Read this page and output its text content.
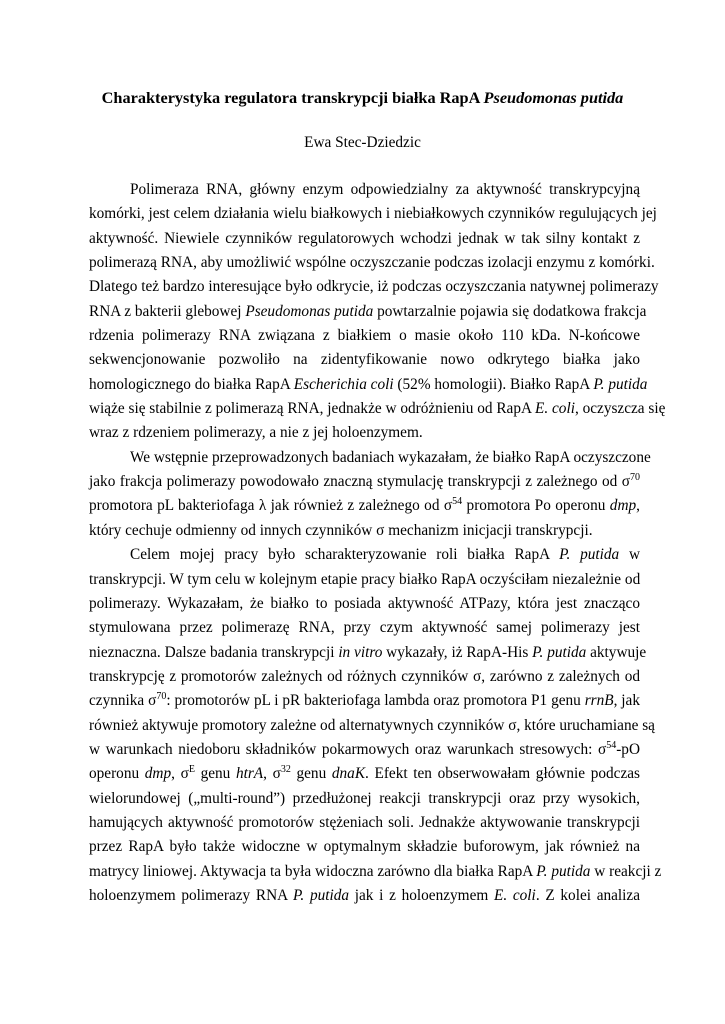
Charakterystyka regulatora transkrypcji białka RapA Pseudomonas putida
Ewa Stec-Dziedzic
Polimeraza RNA, główny enzym odpowiedzialny za aktywność transkrypcyjną
komórki, jest celem działania wielu białkowych i niebiałkowych czynników regulujących jej
aktywność. Niewiele czynników regulatorowych wchodzi jednak w tak silny kontakt z
polimerazą RNA, aby umożliwić wspólne oczyszczanie podczas izolacji enzymu z komórki.
Dlatego też bardzo interesujące było odkrycie, iż podczas oczyszczania natywnej polimerazy
RNA z bakterii glebowej Pseudomonas putida powtarzalnie pojawia się dodatkowa frakcja
rdzenia polimerazy RNA związana z białkiem o masie około 110 kDa. N-końcowe
sekwencjonowanie pozwoliło na zidentyfikowanie nowo odkrytego białka jako
homologicznego do białka RapA Escherichia coli (52% homologii). Białko RapA P. putida
wiąże się stabilnie z polimerazą RNA, jednakże w odróżnieniu od RapA E. coli, oczyszcza się
wraz z rdzeniem polimerazy, a nie z jej holoenzymem.
We wstępnie przeprowadzonych badaniach wykazałam, że białko RapA oczyszczone
jako frakcja polimerazy powodowało znaczną stymulację transkrypcji z zależnego od $\sigma^{70}$
promotora pL bakteriofaga λ jak również z zależnego od $\sigma^{54}$ promotora Po operonu dmp,
który cechuje odmienny od innych czynników σ mechanizm inicjacji transkrypcji.
Celem mojej pracy było scharakteryzowanie roli białka RapA P. putida w
transkrypcji. W tym celu w kolejnym etapie pracy białko RapA oczyściłam niezależnie od
polimerazy. Wykazałam, że białko to posiada aktywność ATPazy, która jest znacząco
stymulowana przez polimerazę RNA, przy czym aktywność samej polimerazy jest
nieznaczna. Dalsze badania transkrypcji in vitro wykazały, iż RapA-His P. putida aktywuje
transkrypcję z promotorów zależnych od różnych czynników σ, zarówno z zależnych od
czynnika $\sigma^{70}$: promotorów pL i pR bakteriofaga lambda oraz promotora P1 genu rrnB, jak
również aktywuje promotory zależne od alternatywnych czynników σ, które uruchamiane są
w warunkach niedoboru składników pokarmowych oraz warunkach stresowych: $\sigma^{54}-pO$
operonu dmp, $\sigma^E$ genu htrA, $\sigma^{32}$ genu dnaK. Efekt ten obserwowałam głównie podczas
wielorundowej („multi-round”) przedłużonej reakcji transkrypcji oraz przy wysokich,
hamujących aktywność promotorów stężeniach soli. Jednakże aktywowanie transkrypcji
przez RapA było także widoczne w optymalnym składzie buforowym, jak również na
matrycy liniowej. Aktywacja ta była widoczna zarówno dla białka RapA P. putida w reakcji z
holoenzymem polimerazy RNA P. putida jak i z holoenzymem E. coli. Z kolei analiza
